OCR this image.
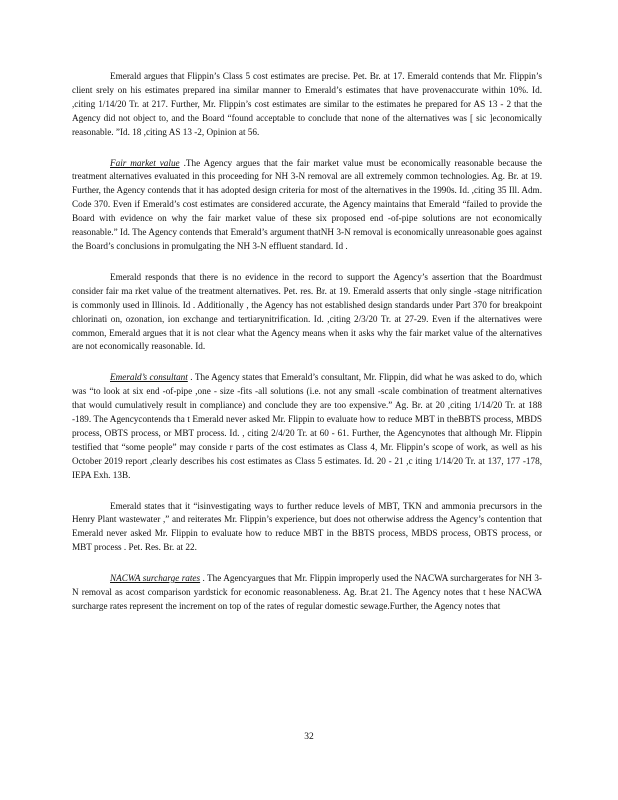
Emerald argues that Flippin’s Class 5 cost estimates are precise. Pet. Br. at 17. Emerald contends that Mr. Flippin’s client srely on his estimates prepared ina similar manner to Emerald’s estimates that have provenaccurate within 10%. Id. ,citing 1/14/20 Tr. at 217. Further, Mr. Flippin’s cost estimates are similar to the estimates he prepared for AS 13 - 2 that the Agency did not object to, and the Board “found acceptable to conclude that none of the alternatives was [ sic ]economically reasonable. ”Id. 18 ,citing AS 13 -2, Opinion at 56.

Fair market value .The Agency argues that the fair market value must be economically reasonable because the treatment alternatives evaluated in this proceeding for NH 3-N removal are all extremely common technologies. Ag. Br. at 19. Further, the Agency contends that it has adopted design criteria for most of the alternatives in the 1990s. Id. ,citing 35 Ill. Adm. Code 370. Even if Emerald’s cost estimates are considered accurate, the Agency maintains that Emerald “failed to provide the Board with evidence on why the fair market value of these six proposed end -of-pipe solutions are not economically reasonable.” Id. The Agency contends that Emerald’s argument thatNH 3-N removal is economically unreasonable goes against the Board’s conclusions in promulgating the NH 3-N effluent standard. Id .

Emerald responds that there is no evidence in the record to support the Agency’s assertion that the Boardmust consider fair ma rket value of the treatment alternatives. Pet. res. Br. at 19. Emerald asserts that only single -stage nitrification is commonly used in Illinois. Id . Additionally , the Agency has not established design standards under Part 370 for breakpoint chlorinati on, ozonation, ion exchange and tertiarynitrification. Id. ,citing 2/3/20 Tr. at 27-29. Even if the alternatives were common, Emerald argues that it is not clear what the Agency means when it asks why the fair market value of the alternatives are not economically reasonable. Id.

Emerald’s consultant . The Agency states that Emerald’s consultant, Mr. Flippin, did what he was asked to do, which was “to look at six end -of-pipe ,one - size -fits -all solutions (i.e. not any small -scale combination of treatment alternatives that would cumulatively result in compliance) and conclude they are too expensive.” Ag. Br. at 20 ,citing 1/14/20 Tr. at 188 -189. The Agencycontends tha t Emerald never asked Mr. Flippin to evaluate how to reduce MBT in theBBTS process, MBDS process, OBTS process, or MBT process. Id. , citing 2/4/20 Tr. at 60 - 61. Further, the Agencynotes that although Mr. Flippin testified that “some people” may conside r parts of the cost estimates as Class 4, Mr. Flippin’s scope of work, as well as his October 2019 report ,clearly describes his cost estimates as Class 5 estimates. Id. 20 - 21 ,c iting 1/14/20 Tr. at 137, 177 -178, IEPA Exh. 13B.

Emerald states that it “isinvestigating ways to further reduce levels of MBT, TKN and ammonia precursors in the Henry Plant wastewater ,” and reiterates Mr. Flippin’s experience, but does not otherwise address the Agency’s contention that Emerald never asked Mr. Flippin to evaluate how to reduce MBT in the BBTS process, MBDS process, OBTS process, or MBT process . Pet. Res. Br. at 22.

NACWA surcharge rates . The Agencyargues that Mr. Flippin improperly used the NACWA surchargerates for NH 3-N removal as acost comparison yardstick for economic reasonableness. Ag. Br.at 21. The Agency notes that t hese NACWA surcharge rates represent the increment on top of the rates of regular domestic sewage.Further, the Agency notes that

32
